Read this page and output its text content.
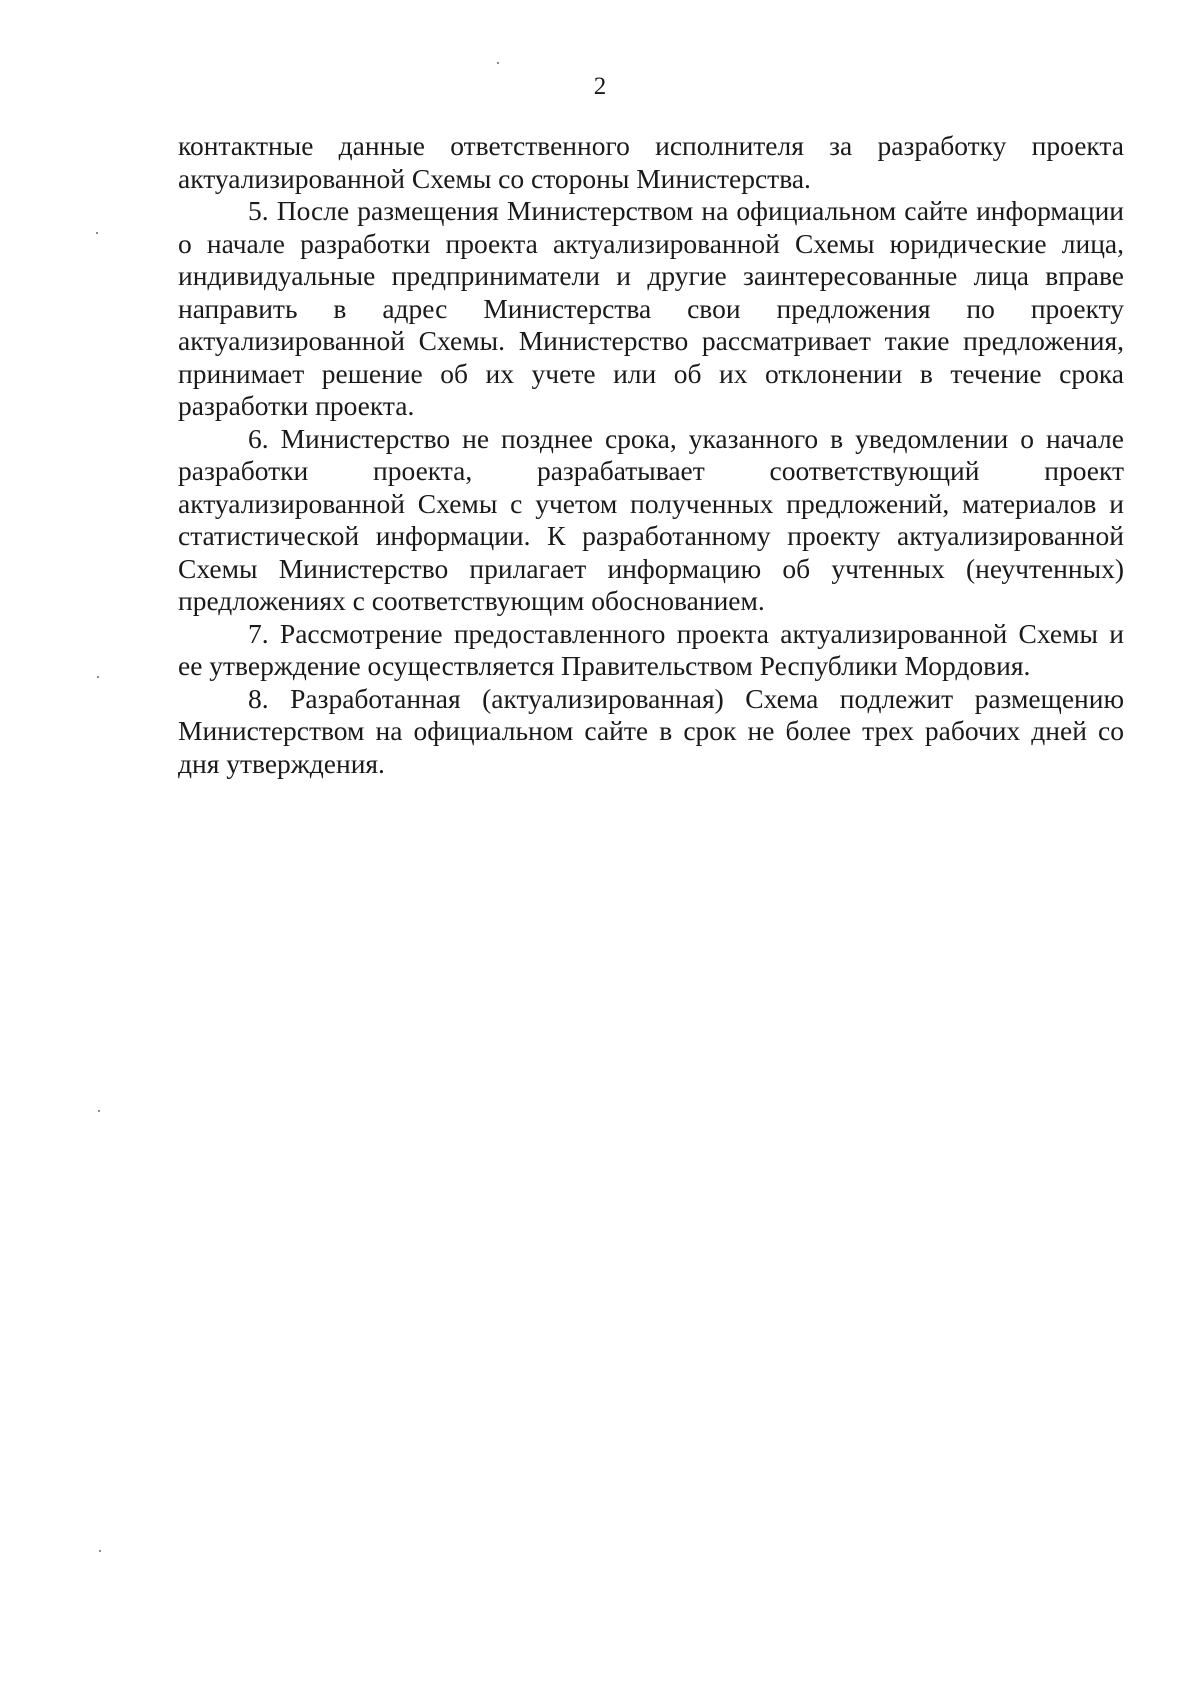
2

контактные данные ответственного исполнителя за разработку проекта актуализированной Схемы со стороны Министерства.

5. После размещения Министерством на официальном сайте информации о начале разработки проекта актуализированной Схемы юридические лица, индивидуальные предприниматели и другие заинтересованные лица вправе направить в адрес Министерства свои предложения по проекту актуализированной Схемы. Министерство рассматривает такие предложения, принимает решение об их учете или об их отклонении в течение срока разработки проекта.

6. Министерство не позднее срока, указанного в уведомлении о начале разработки проекта, разрабатывает соответствующий проект актуализированной Схемы с учетом полученных предложений, материалов и статистической информации. К разработанному проекту актуализированной Схемы Министерство прилагает информацию об учтенных (неучтенных) предложениях с соответствующим обоснованием.

7. Рассмотрение предоставленного проекта актуализированной Схемы и ее утверждение осуществляется Правительством Республики Мордовия.

8. Разработанная (актуализированная) Схема подлежит размещению Министерством на официальном сайте в срок не более трех рабочих дней со дня утверждения.
